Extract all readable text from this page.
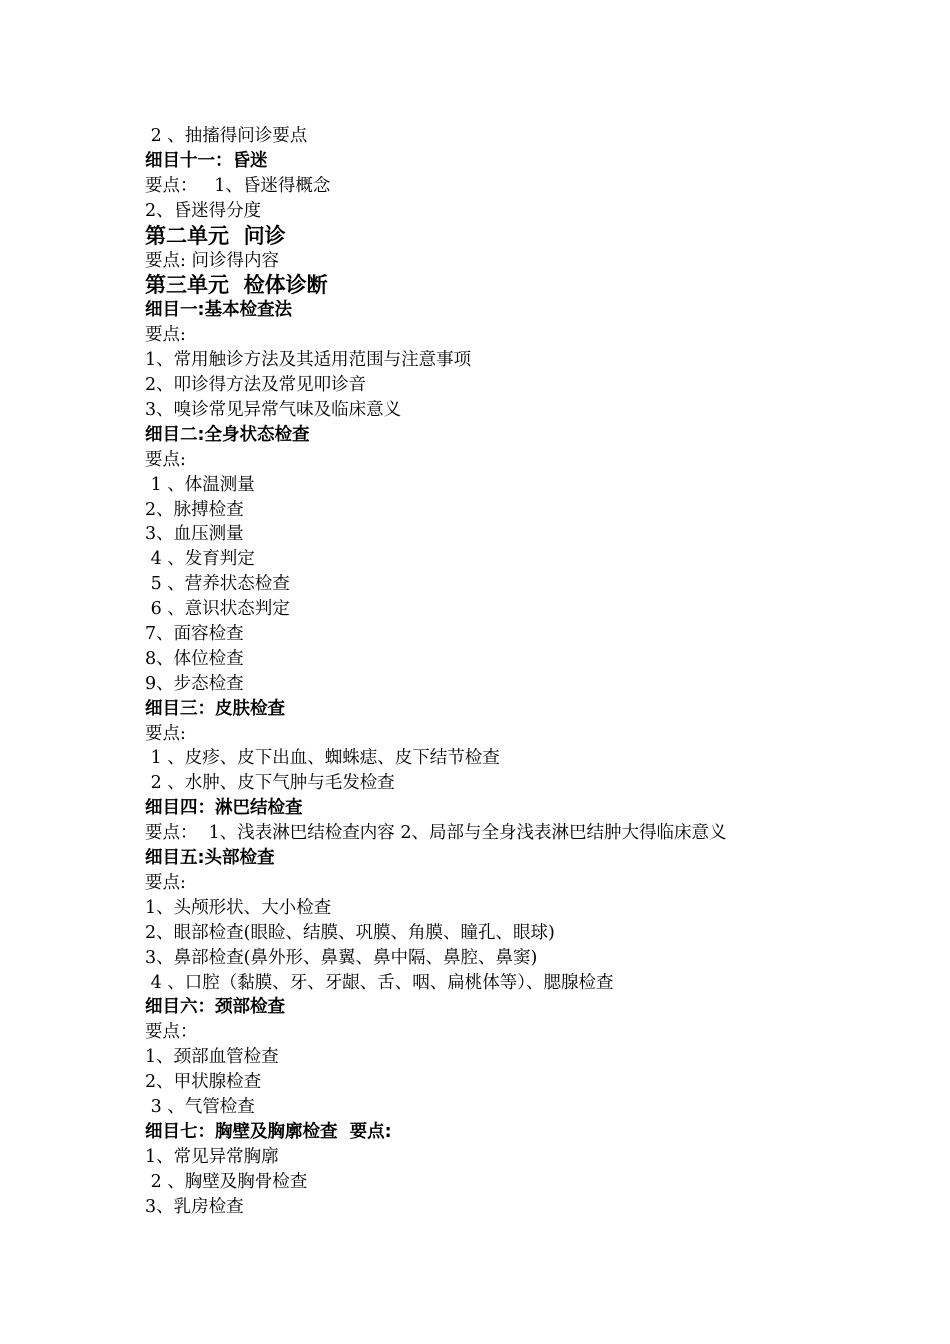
2 、抽搐得问诊要点
细目十一：昏迷
要点：   1、昏迷得概念
2、昏迷得分度
第二单元  问诊
要点: 问诊得内容
第三单元  检体诊断
细目一:基本检查法
要点:
1、常用触诊方法及其适用范围与注意事项
2、叩诊得方法及常见叩诊音
3、嗅诊常见异常气味及临床意义
细目二:全身状态检查
要点:
1 、体温测量
2、脉搏检查
3、血压测量
4 、发育判定
5 、营养状态检查
6 、意识状态判定
7、面容检查
8、体位检查
9、步态检查
细目三：皮肤检查
要点:
1 、皮疹、皮下出血、蜘蛛痣、皮下结节检查
2 、水肿、皮下气肿与毛发检查
细目四：淋巴结检查
要点：  1、浅表淋巴结检查内容 2、局部与全身浅表淋巴结肿大得临床意义
细目五:头部检查
要点:
1、头颅形状、大小检查
2、眼部检查(眼睑、结膜、巩膜、角膜、瞳孔、眼球)
3、鼻部检查(鼻外形、鼻翼、鼻中隔、鼻腔、鼻窦)
4 、口腔（黏膜、牙、牙龈、舌、咽、扁桃体等）、腮腺检查
细目六：颈部检查
要点：
1、颈部血管检查
2、甲状腺检查
3 、气管检查
细目七：胸壁及胸廓检查  要点:
1、常见异常胸廓
2 、胸壁及胸骨检查
3、乳房检查
